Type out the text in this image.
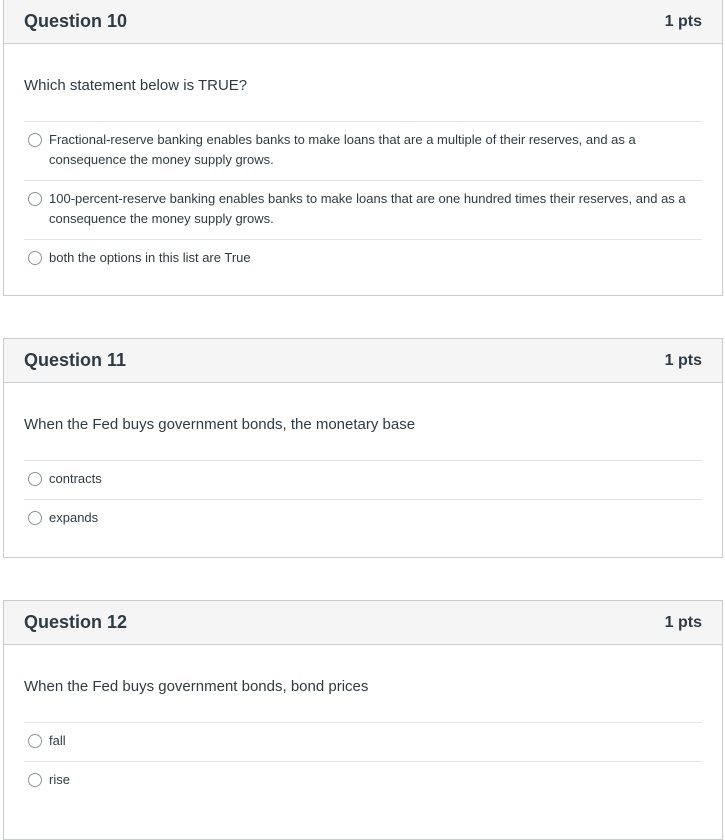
Question 10	1 pts

Which statement below is TRUE?

Fractional-reserve banking enables banks to make loans that are a multiple of their reserves, and as a consequence the money supply grows.
100-percent-reserve banking enables banks to make loans that are one hundred times their reserves, and as a consequence the money supply grows.
both the options in this list are True
Question 11	1 pts

When the Fed buys government bonds, the monetary base

contracts
expands
Question 12	1 pts

When the Fed buys government bonds, bond prices

fall
rise
